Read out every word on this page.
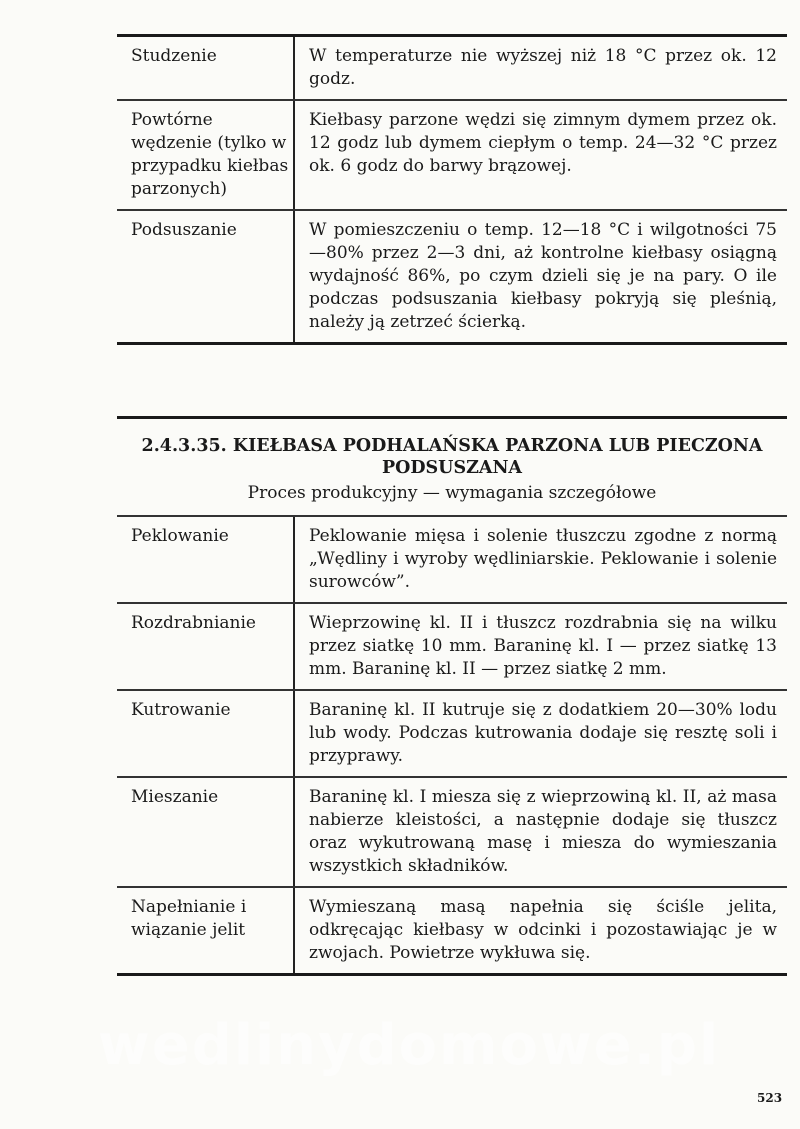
Studzenie	W temperaturze nie wyższej niż 18 °C przez ok. 12 godz.
Powtórne wędzenie (tylko w przypadku kiełbas parzonych)	Kiełbasy parzone wędzi się zimnym dymem przez ok. 12 godz lub dymem ciepłym o temp. 24—32 °C przez ok. 6 godz do barwy brązowej.
Podsuszanie	W pomieszczeniu o temp. 12—18 °C i wilgotności 75—80% przez 2—3 dni, aż kontrolne kiełbasy osiągną wydajność 86%, po czym dzieli się je na pary. O ile podczas podsuszania kiełbasy pokryją się pleśnią, należy ją zetrzeć ścierką.
2.4.3.35. KIEŁBASA PODHALAŃSKA PARZONA LUB PIECZONA PODSUSZANA
Proces produkcyjny — wymagania szczegółowe	

Peklowanie	Peklowanie mięsa i solenie tłuszczu zgodne z normą „Wędliny i wyroby wędliniarskie. Peklowanie i solenie surowców”.
Rozdrabnianie	Wieprzowinę kl. II i tłuszcz rozdrabnia się na wilku przez siatkę 10 mm. Baraninę kl. I — przez siatkę 13 mm. Baraninę kl. II — przez siatkę 2 mm.
Kutrowanie	Baraninę kl. II kutruje się z dodatkiem 20—30% lodu lub wody. Podczas kutrowania dodaje się resztę soli i przyprawy.
Mieszanie	Baraninę kl. I miesza się z wieprzowiną kl. II, aż masa nabierze kleistości, a następnie dodaje się tłuszcz oraz wykutrowaną masę i miesza do wymieszania wszystkich składników.
Napełnianie i wiązanie jelit	Wymieszaną masą napełnia się ściśle jelita, odkręcając kiełbasy w odcinki i pozostawiając je w zwojach. Powietrze wykłuwa się.
wedlinydomowe.pl
523
